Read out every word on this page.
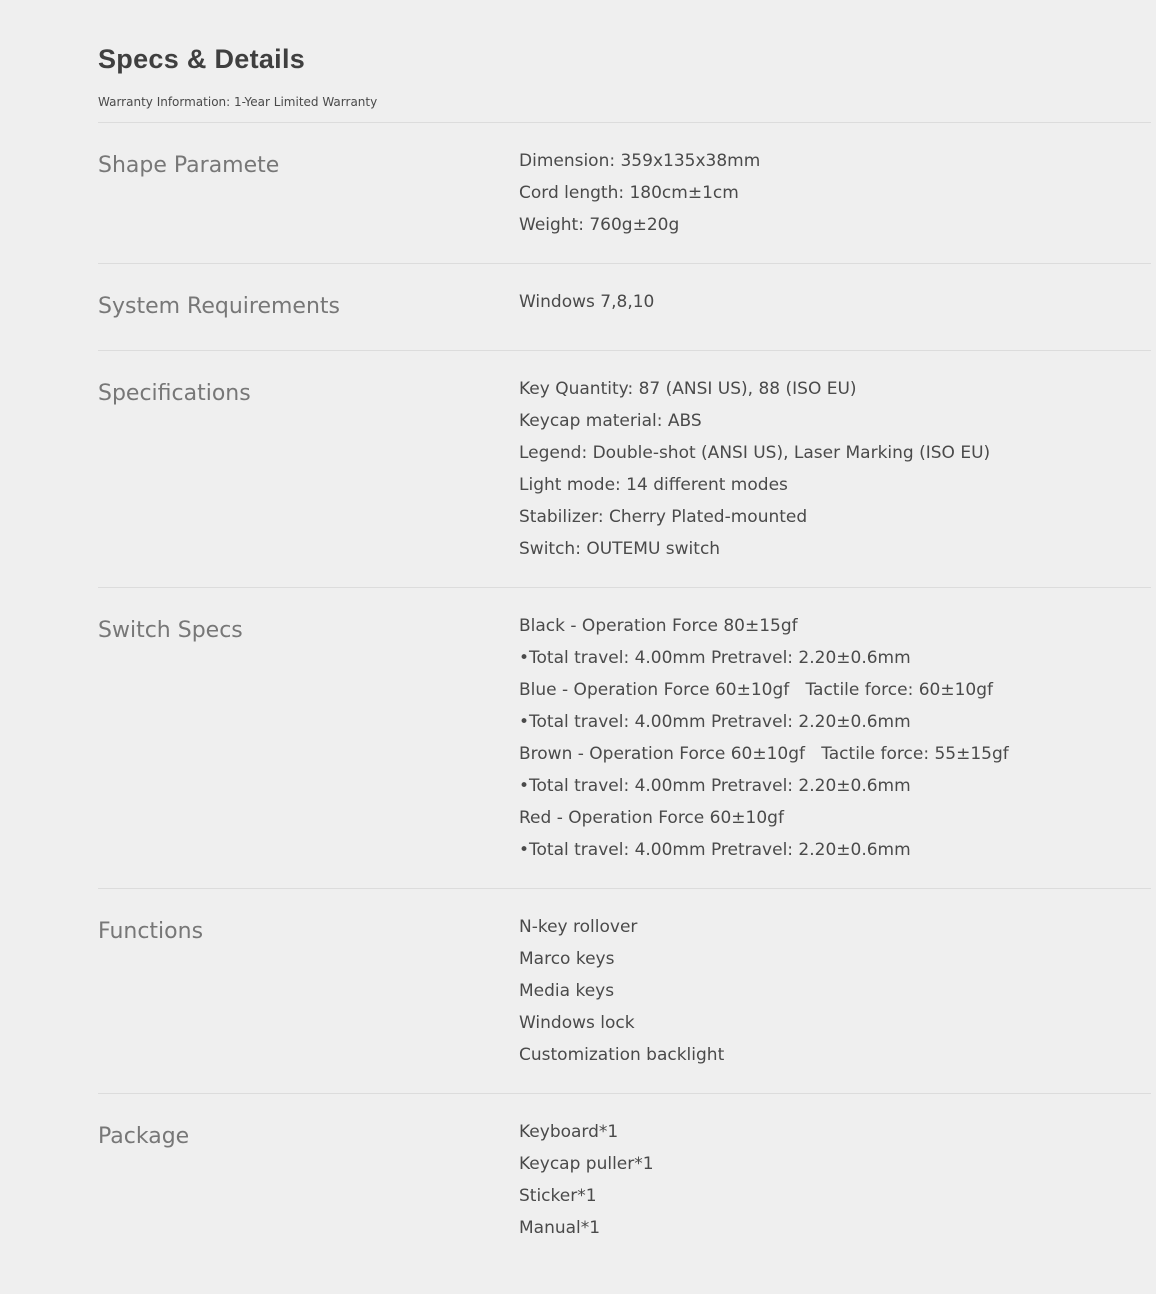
Specs & Details
Warranty Information: 1-Year Limited Warranty
Shape Paramete	Dimension: 359x135x38mm
Cord length: 180cm±1cm
Weight: 760g±20g
System Requirements	Windows 7,8,10
Specifications	Key Quantity: 87 (ANSI US), 88 (ISO EU)
Keycap material: ABS
Legend: Double-shot (ANSI US), Laser Marking (ISO EU)
Light mode: 14 different modes
Stabilizer: Cherry Plated-mounted
Switch: OUTEMU switch
Switch Specs	Black - Operation Force 80±15gf
•Total travel: 4.00mm Pretravel: 2.20±0.6mm
Blue - Operation Force 60±10gf   Tactile force: 60±10gf
•Total travel: 4.00mm Pretravel: 2.20±0.6mm
Brown - Operation Force 60±10gf   Tactile force: 55±15gf
•Total travel: 4.00mm Pretravel: 2.20±0.6mm
Red - Operation Force 60±10gf
•Total travel: 4.00mm Pretravel: 2.20±0.6mm
Functions	N-key rollover
Marco keys
Media keys
Windows lock
Customization backlight
Package	Keyboard*1
Keycap puller*1
Sticker*1
Manual*1
